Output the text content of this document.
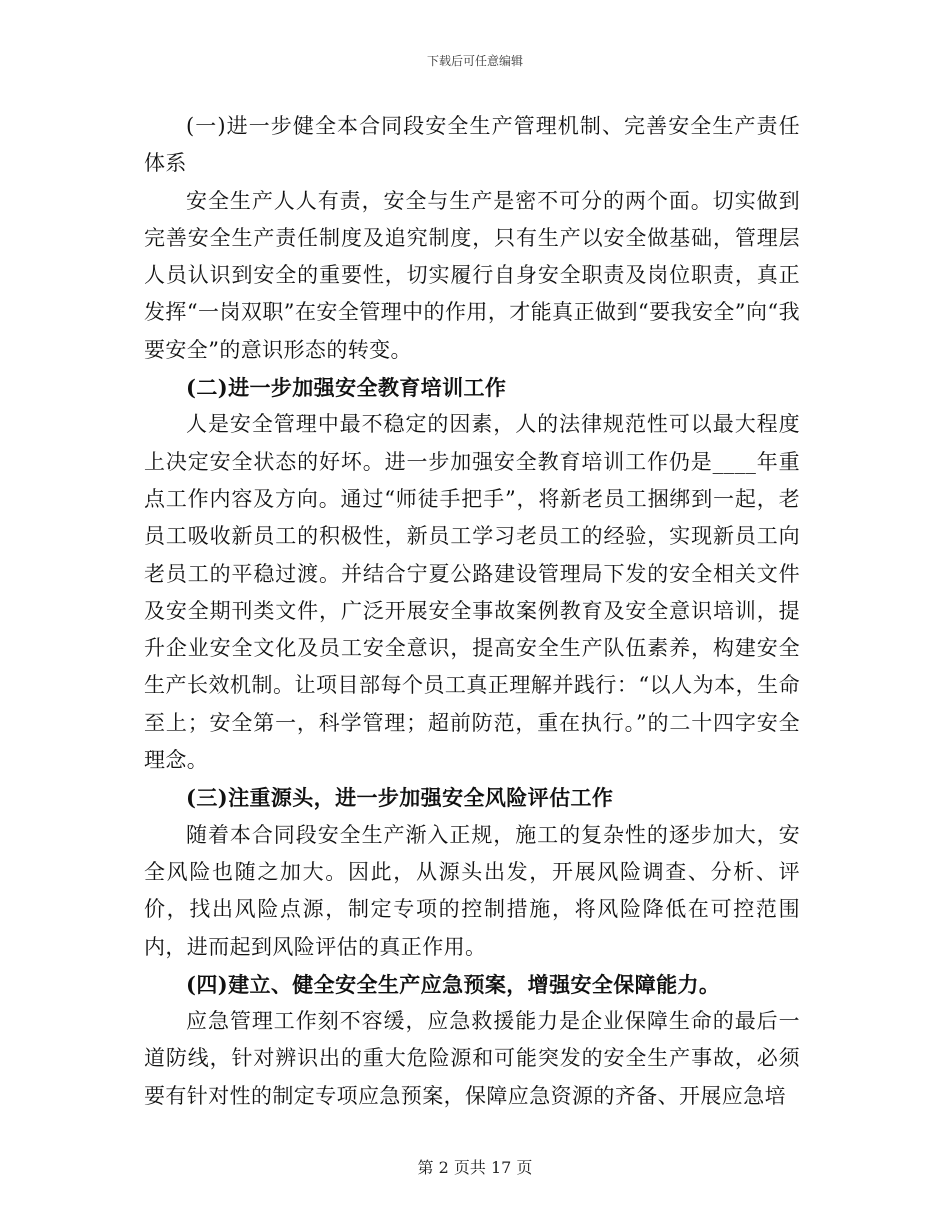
下载后可任意编辑

(一)进一步健全本合同段安全生产管理机制、完善安全生产责任体系

安全生产人人有责，安全与生产是密不可分的两个面。切实做到完善安全生产责任制度及追究制度，只有生产以安全做基础，管理层人员认识到安全的重要性，切实履行自身安全职责及岗位职责，真正发挥“一岗双职”在安全管理中的作用，才能真正做到“要我安全”向“我要安全”的意识形态的转变。

(二)进一步加强安全教育培训工作

人是安全管理中最不稳定的因素，人的法律规范性可以最大程度上决定安全状态的好坏。进一步加强安全教育培训工作仍是____年重点工作内容及方向。通过“师徒手把手”，将新老员工捆绑到一起，老员工吸收新员工的积极性，新员工学习老员工的经验，实现新员工向老员工的平稳过渡。并结合宁夏公路建设管理局下发的安全相关文件及安全期刊类文件，广泛开展安全事故案例教育及安全意识培训，提升企业安全文化及员工安全意识，提高安全生产队伍素养，构建安全生产长效机制。让项目部每个员工真正理解并践行：“以人为本，生命至上；安全第一，科学管理；超前防范，重在执行。”的二十四字安全理念。

(三)注重源头，进一步加强安全风险评估工作

随着本合同段安全生产渐入正规，施工的复杂性的逐步加大，安全风险也随之加大。因此，从源头出发，开展风险调查、分析、评价，找出风险点源，制定专项的控制措施，将风险降低在可控范围内，进而起到风险评估的真正作用。

(四)建立、健全安全生产应急预案，增强安全保障能力。

应急管理工作刻不容缓，应急救援能力是企业保障生命的最后一道防线，针对辨识出的重大危险源和可能突发的安全生产事故，必须要有针对性的制定专项应急预案，保障应急资源的齐备、开展应急培

第 2 页共 17 页
